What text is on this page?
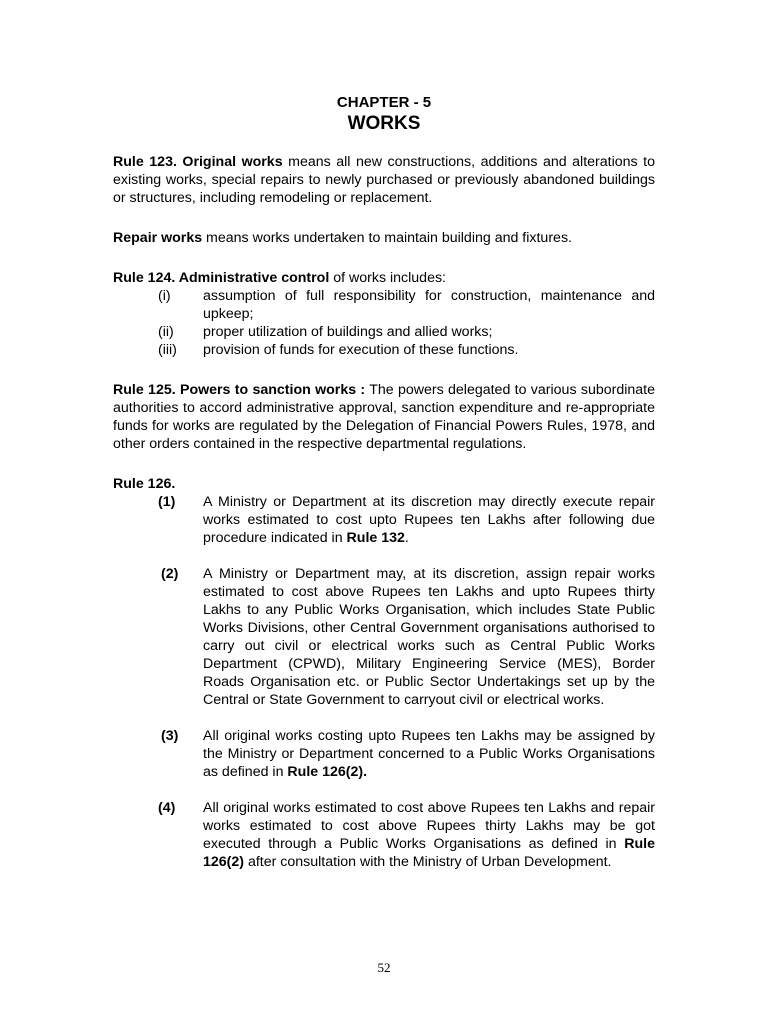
CHAPTER - 5
WORKS

Rule 123. Original works means all new constructions, additions and alterations to existing works, special repairs to newly purchased or previously abandoned buildings or structures, including remodeling or replacement.

Repair works means works undertaken to maintain building and fixtures.

Rule 124. Administrative control of works includes:

(i) assumption of full responsibility for construction, maintenance and upkeep;
(ii) proper utilization of buildings and allied works;
(iii) provision of funds for execution of these functions.

Rule 125. Powers to sanction works : The powers delegated to various subordinate authorities to accord administrative approval, sanction expenditure and re-appropriate funds for works are regulated by the Delegation of Financial Powers Rules, 1978, and other orders contained in the respective departmental regulations.

Rule 126.

(1) A Ministry or Department at its discretion may directly execute repair works estimated to cost upto Rupees ten Lakhs after following due procedure indicated in Rule 132.
(2) A Ministry or Department may, at its discretion, assign repair works estimated to cost above Rupees ten Lakhs and upto Rupees thirty Lakhs to any Public Works Organisation, which includes State Public Works Divisions, other Central Government organisations authorised to carry out civil or electrical works such as Central Public Works Department (CPWD), Military Engineering Service (MES), Border Roads Organisation etc. or Public Sector Undertakings set up by the Central or State Government to carryout civil or electrical works.
(3) All original works costing upto Rupees ten Lakhs may be assigned by the Ministry or Department concerned to a Public Works Organisations as defined in Rule 126(2).
(4) All original works estimated to cost above Rupees ten Lakhs and repair works estimated to cost above Rupees thirty Lakhs may be got executed through a Public Works Organisations as defined in Rule 126(2) after consultation with the Ministry of Urban Development.
52
